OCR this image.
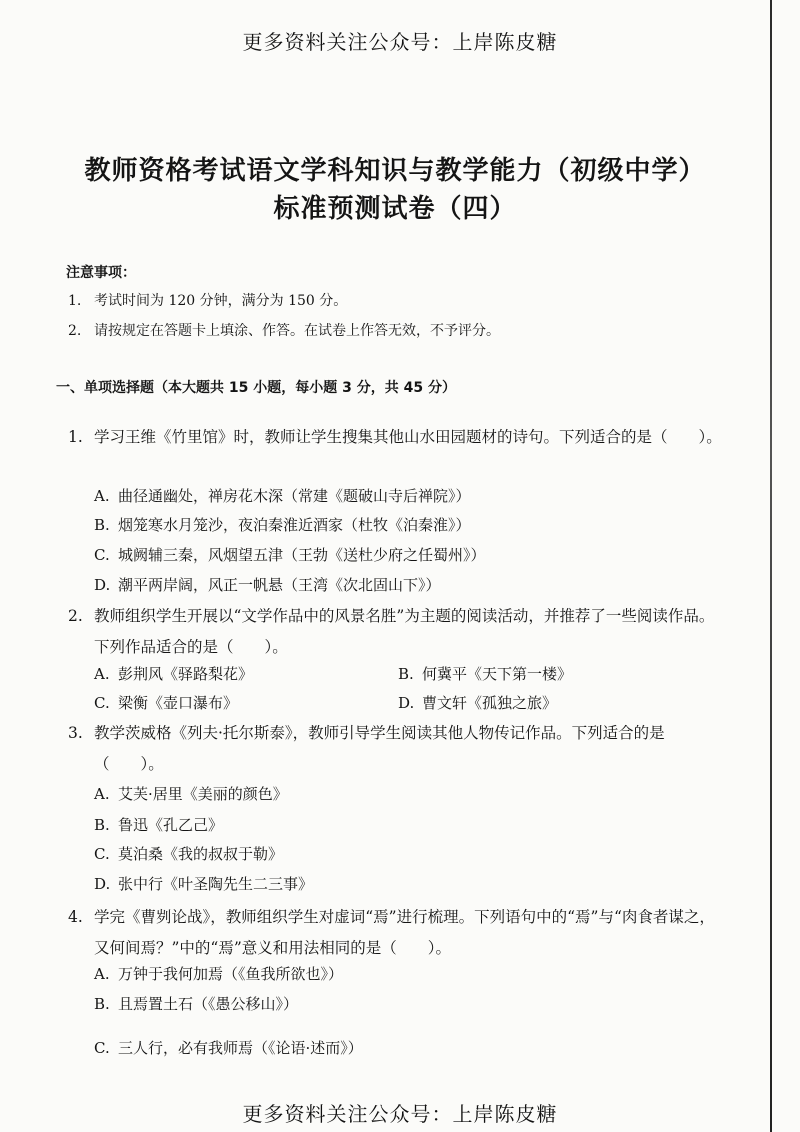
更多资料关注公众号：上岸陈皮糖
教师资格考试语文学科知识与教学能力（初级中学）
标准预测试卷（四）
注意事项：
1. 考试时间为 120 分钟，满分为 150 分。
2. 请按规定在答题卡上填涂、作答。在试卷上作答无效，不予评分。
一、单项选择题（本大题共 15 小题，每小题 3 分，共 45 分）
1. 学习王维《竹里馆》时，教师让学生搜集其他山水田园题材的诗句。下列适合的是（　　）。
A. 曲径通幽处，禅房花木深（常建《题破山寺后禅院》）
B. 烟笼寒水月笼沙，夜泊秦淮近酒家（杜牧《泊秦淮》）
C. 城阙辅三秦，风烟望五津（王勃《送杜少府之任蜀州》）
D. 潮平两岸阔，风正一帆悬（王湾《次北固山下》）
2. 教师组织学生开展以“文学作品中的风景名胜”为主题的阅读活动，并推荐了一些阅读作品。下列作品适合的是（　　）。
A. 彭荆风《驿路梨花》	B. 何冀平《天下第一楼》
C. 梁衡《壶口瀑布》	D. 曹文轩《孤独之旅》
3. 教学茨威格《列夫·托尔斯泰》，教师引导学生阅读其他人物传记作品。下列适合的是（　　）。
A. 艾芙·居里《美丽的颜色》
B. 鲁迅《孔乙己》
C. 莫泊桑《我的叔叔于勒》
D. 张中行《叶圣陶先生二三事》
4. 学完《曹刿论战》，教师组织学生对虚词“焉”进行梳理。下列语句中的“焉”与“肉食者谋之，又何间焉？”中的“焉”意义和用法相同的是（　　）。
A. 万钟于我何加焉（《鱼我所欲也》）
B. 且焉置土石（《愚公移山》）
C. 三人行，必有我师焉（《论语·述而》）
更多资料关注公众号：上岸陈皮糖
